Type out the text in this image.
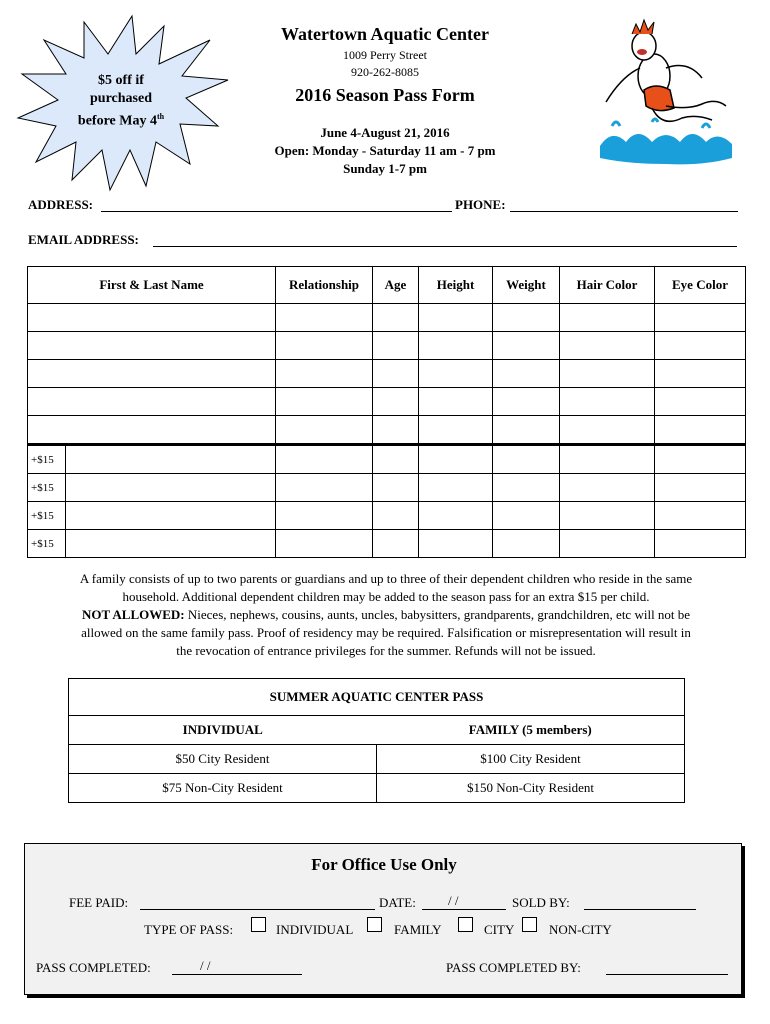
$5 off if
purchased
before May 4th
Watertown Aquatic Center
1009 Perry Street
920-262-8085
2016 Season Pass Form
June 4-August 21, 2016
Open: Monday - Saturday 11 am - 7 pm
Sunday 1-7 pm
ADDRESS:	PHONE:
EMAIL ADDRESS:
First & Last Name		Relationship	Age	Height	Weight	Hair Color	Eye Color

+$15							
+$15							
+$15							
+$15							
A family consists of up to two parents or guardians and up to three of their dependent children who reside in the same
household. Additional dependent children may be added to the season pass for an extra $15 per child.
NOT ALLOWED: Nieces, nephews, cousins, aunts, uncles, babysitters, grandparents, grandchildren, etc will not be
allowed on the same family pass. Proof of residency may be required. Falsification or misrepresentation will result in
the revocation of entrance privileges for the summer. Refunds will not be issued.
SUMMER AQUATIC CENTER PASS	
INDIVIDUAL	FAMILY (5 members)
$50 City Resident	$100 City Resident
$75 Non-City Resident	$150 Non-City Resident
For Office Use Only
FEE PAID:	DATE: / /	SOLD BY:
TYPE OF PASS:	INDIVIDUAL	FAMILY	CITY	NON-CITY
PASS COMPLETED:	/ /	PASS COMPLETED BY:
